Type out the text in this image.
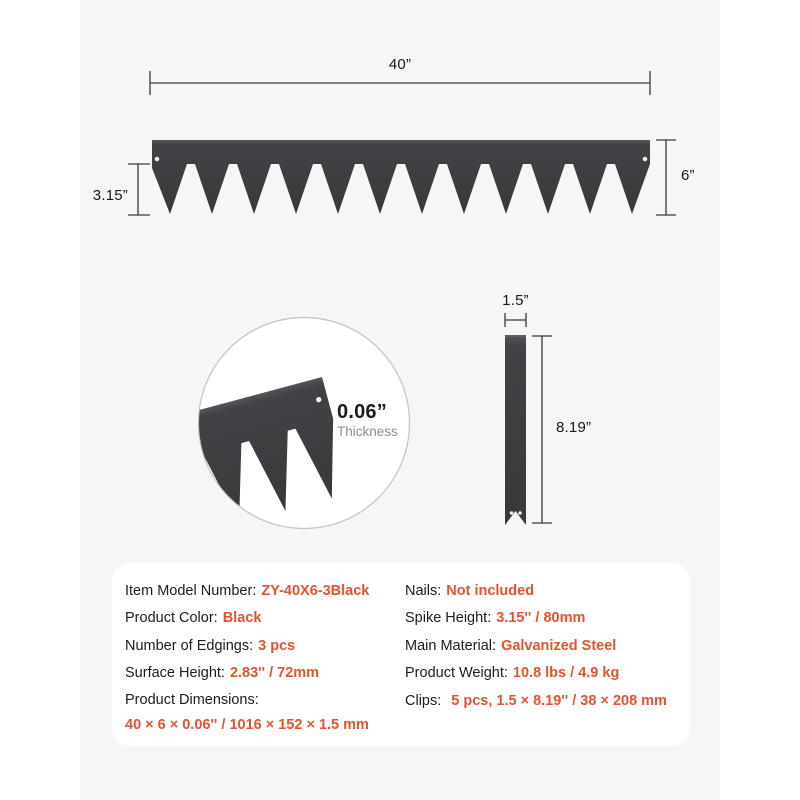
40”
3.15”
6”
0.06”
Thickness
1.5”
8.19”
Item Model Number: ZY-40X6-3Black
Product Color: Black
Number of Edgings: 3 pcs
Surface Height: 2.83'' / 72mm
Product Dimensions:
40 × 6 × 0.06'' / 1016 × 152 × 1.5 mm
Nails: Not included
Spike Height: 3.15'' / 80mm
Main Material: Galvanized Steel
Product Weight: 10.8 lbs / 4.9 kg
Clips: 5 pcs, 1.5 × 8.19'' / 38 × 208 mm
